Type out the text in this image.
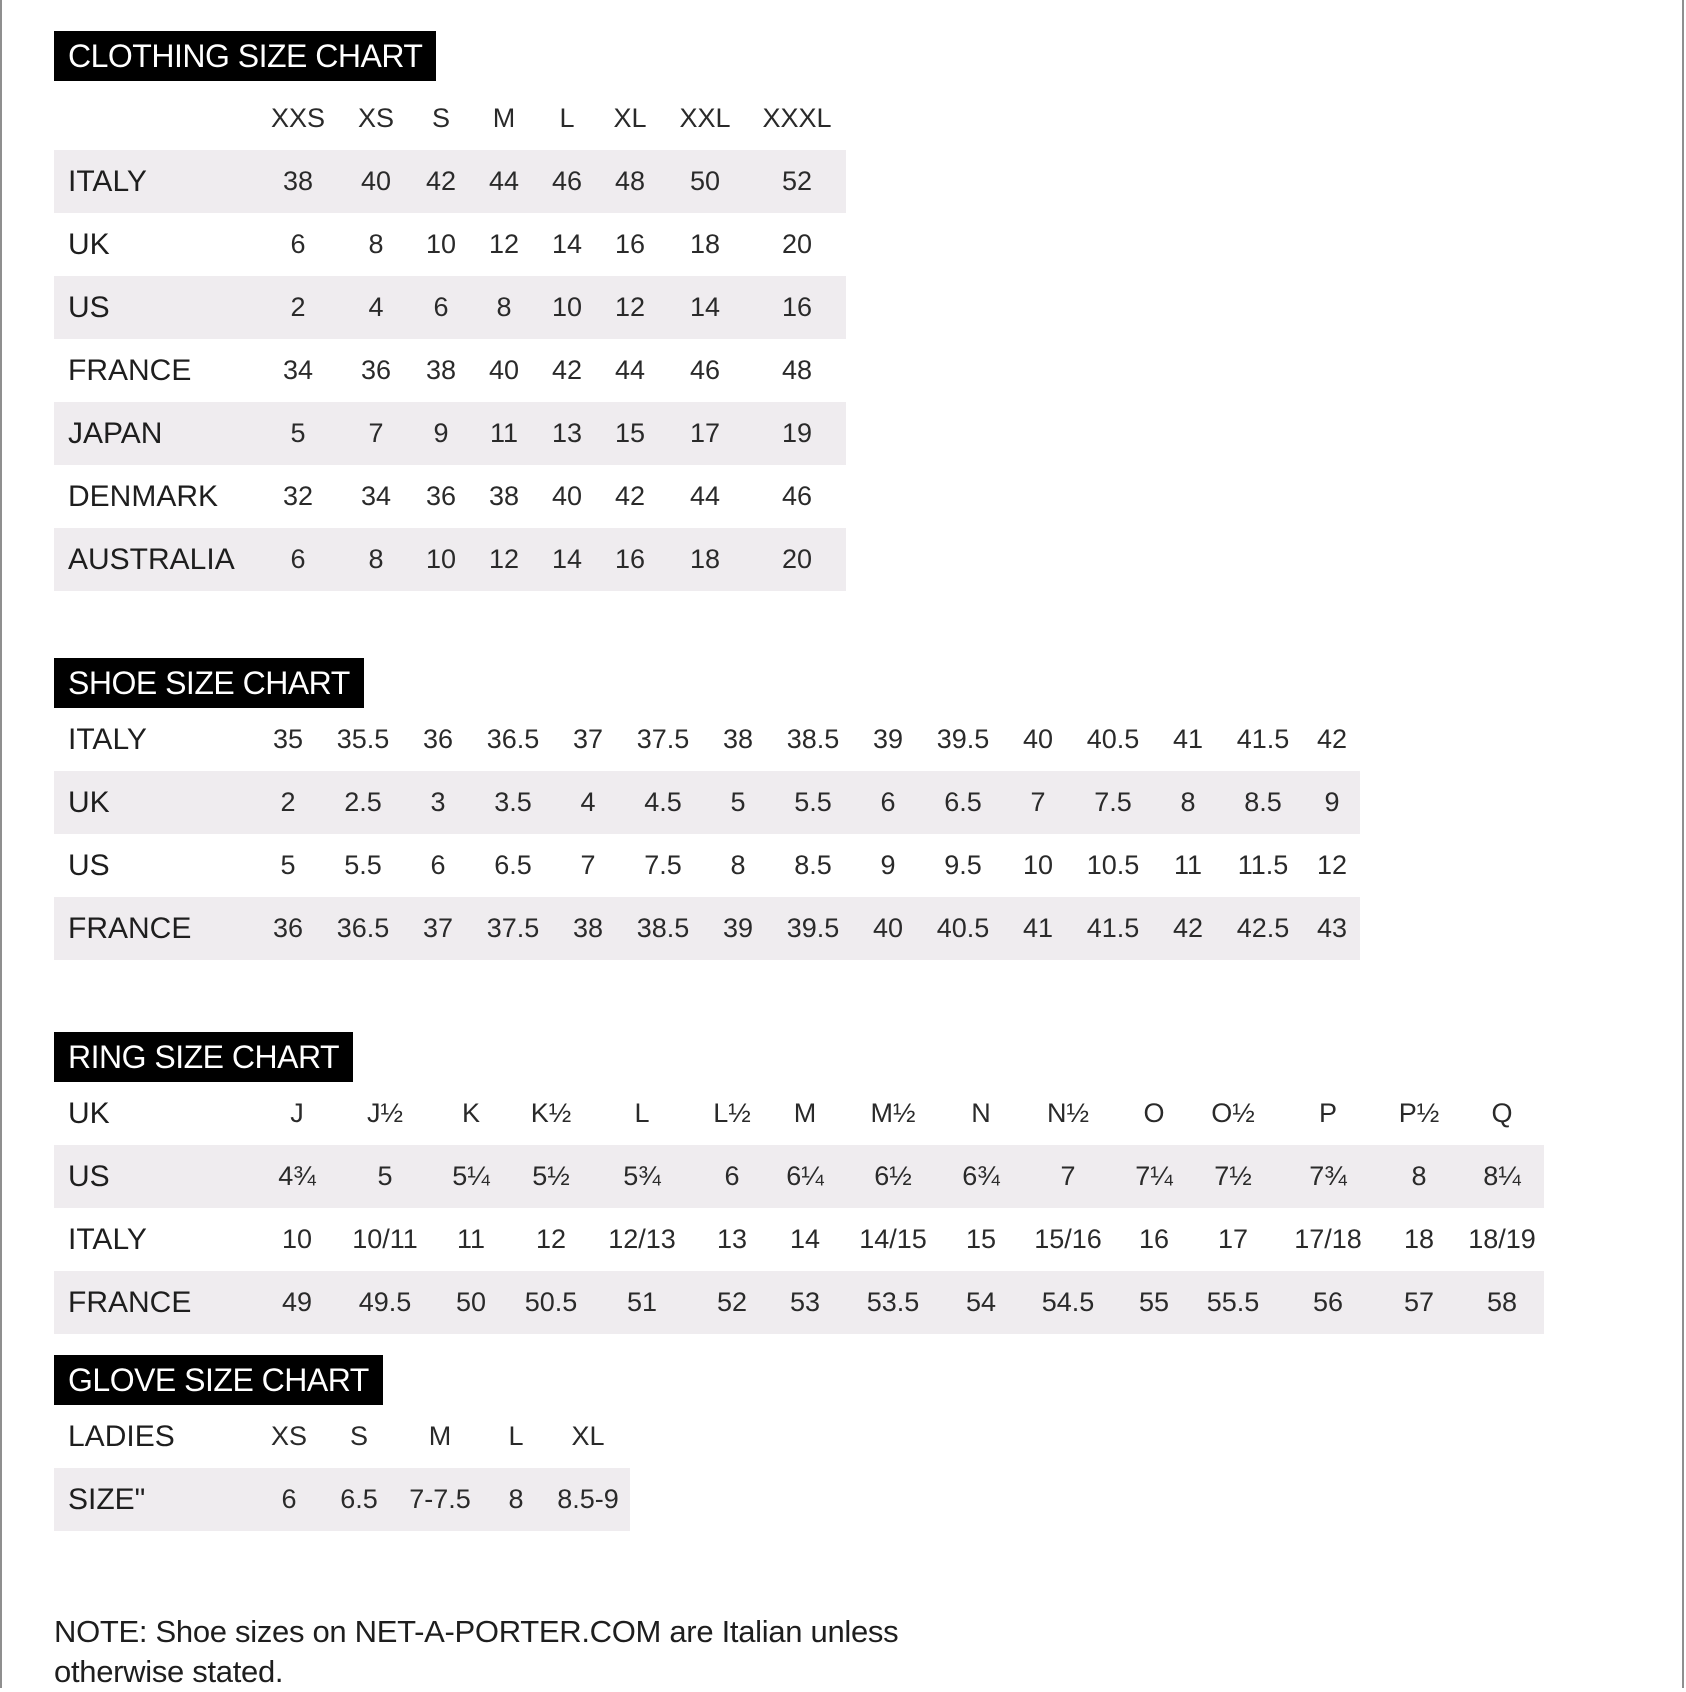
CLOTHING SIZE CHART
	XXS	XS	S	M	L	XL	XXL	XXXL
ITALY	38	40	42	44	46	48	50	52
UK	6	8	10	12	14	16	18	20
US	2	4	6	8	10	12	14	16
FRANCE	34	36	38	40	42	44	46	48
JAPAN	5	7	9	11	13	15	17	19
DENMARK	32	34	36	38	40	42	44	46
AUSTRALIA	6	8	10	12	14	16	18	20
SHOE SIZE CHART
ITALY	35	35.5	36	36.5	37	37.5	38	38.5	39	39.5	40	40.5	41	41.5	42
UK	2	2.5	3	3.5	4	4.5	5	5.5	6	6.5	7	7.5	8	8.5	9
US	5	5.5	6	6.5	7	7.5	8	8.5	9	9.5	10	10.5	11	11.5	12
FRANCE	36	36.5	37	37.5	38	38.5	39	39.5	40	40.5	41	41.5	42	42.5	43
RING SIZE CHART
UK	J	J½	K	K½	L	L½	M	M½	N	N½	O	O½	P	P½	Q
US	4¾	5	5¼	5½	5¾	6	6¼	6½	6¾	7	7¼	7½	7¾	8	8¼
ITALY	10	10/11	11	12	12/13	13	14	14/15	15	15/16	16	17	17/18	18	18/19
FRANCE	49	49.5	50	50.5	51	52	53	53.5	54	54.5	55	55.5	56	57	58
GLOVE SIZE CHART
LADIES	XS	S	M	L	XL
SIZE"	6	6.5	7-7.5	8	8.5-9
NOTE: Shoe sizes on NET-A-PORTER.COM are Italian unless otherwise stated.
